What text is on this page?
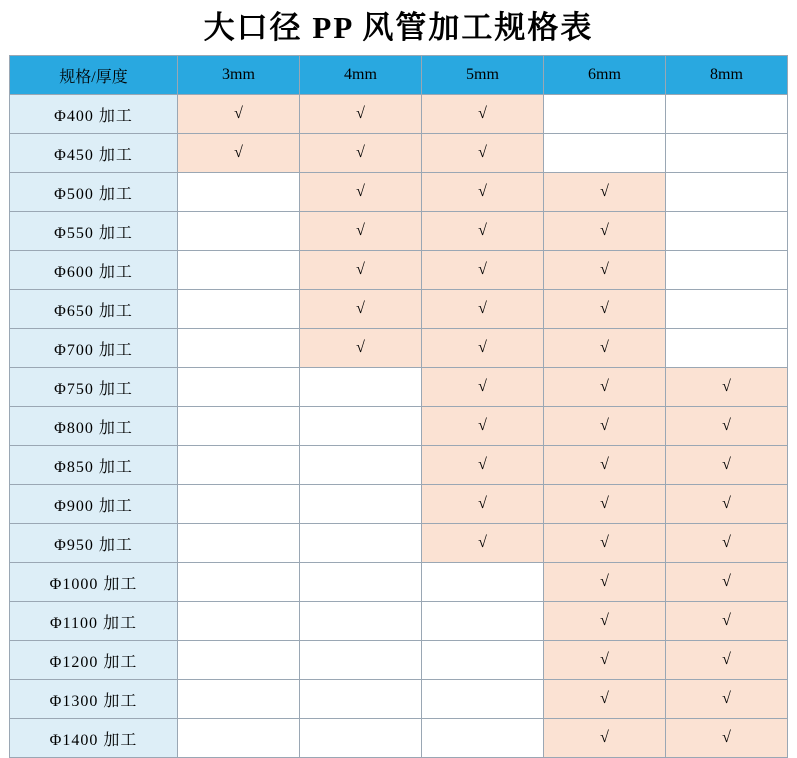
大口径 PP 风管加工规格表
规格/厚度	3mm	4mm	5mm	6mm	8mm
Φ400 加工	√	√	√		
Φ450 加工	√	√	√		
Φ500 加工		√	√	√	
Φ550 加工		√	√	√	
Φ600 加工		√	√	√	
Φ650 加工		√	√	√	
Φ700 加工		√	√	√	
Φ750 加工			√	√	√
Φ800 加工			√	√	√
Φ850 加工			√	√	√
Φ900 加工			√	√	√
Φ950 加工			√	√	√
Φ1000 加工				√	√
Φ1100 加工				√	√
Φ1200 加工				√	√
Φ1300 加工				√	√
Φ1400 加工				√	√
